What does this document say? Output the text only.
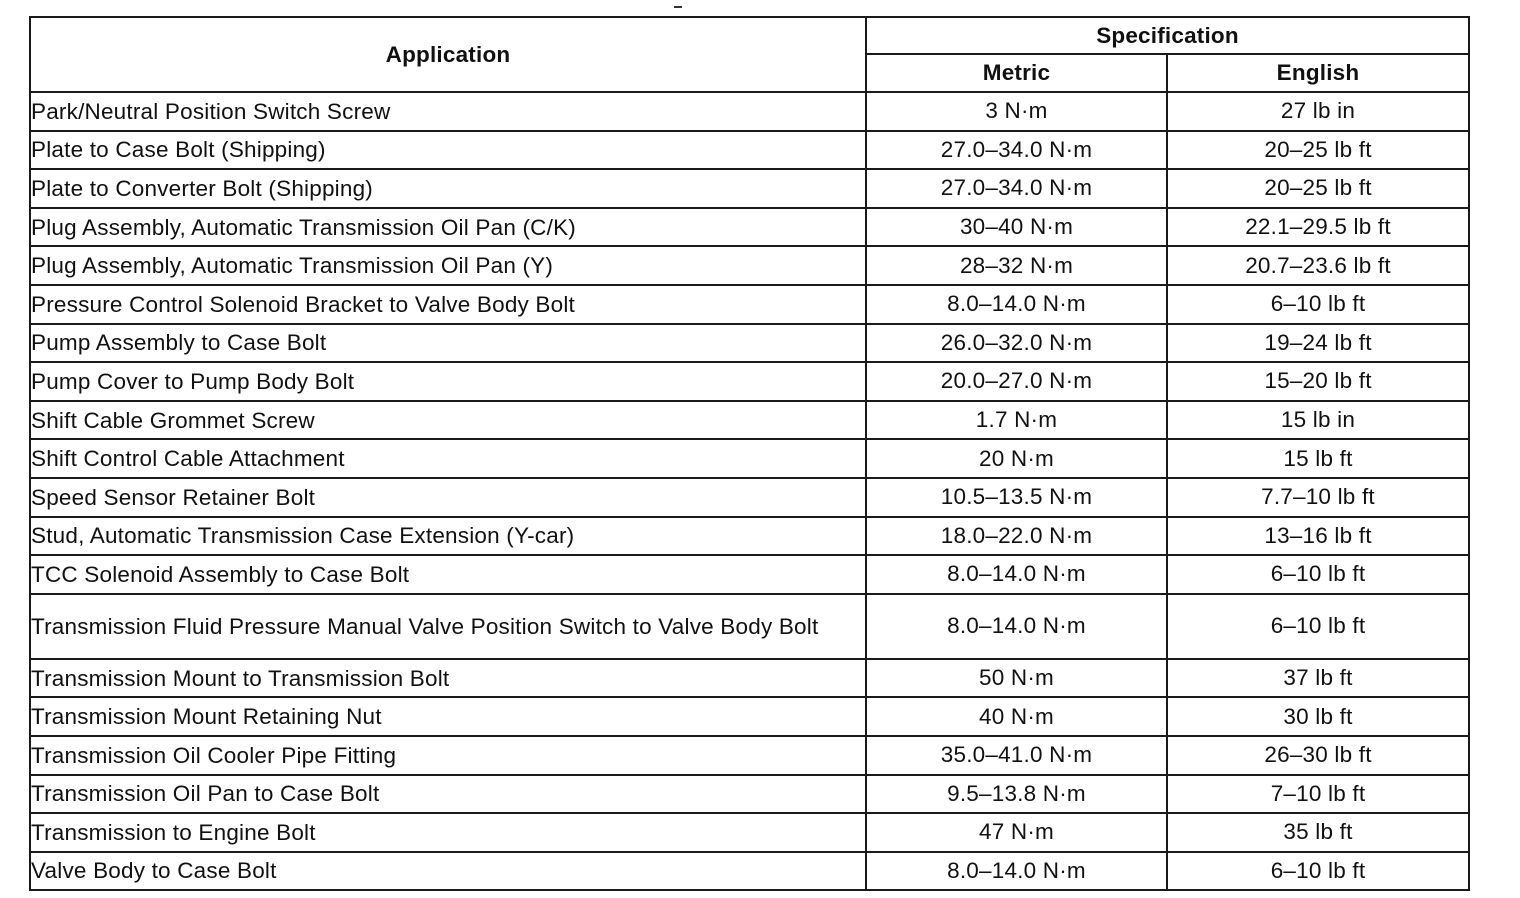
Application	Specification	
	Metric	English
Park/Neutral Position Switch Screw	3 N·m	27 lb in
Plate to Case Bolt (Shipping)	27.0–34.0 N·m	20–25 lb ft
Plate to Converter Bolt (Shipping)	27.0–34.0 N·m	20–25 lb ft
Plug Assembly, Automatic Transmission Oil Pan (C/K)	30–40 N·m	22.1–29.5 lb ft
Plug Assembly, Automatic Transmission Oil Pan (Y)	28–32 N·m	20.7–23.6 lb ft
Pressure Control Solenoid Bracket to Valve Body Bolt	8.0–14.0 N·m	6–10 lb ft
Pump Assembly to Case Bolt	26.0–32.0 N·m	19–24 lb ft
Pump Cover to Pump Body Bolt	20.0–27.0 N·m	15–20 lb ft
Shift Cable Grommet Screw	1.7 N·m	15 lb in
Shift Control Cable Attachment	20 N·m	15 lb ft
Speed Sensor Retainer Bolt	10.5–13.5 N·m	7.7–10 lb ft
Stud, Automatic Transmission Case Extension (Y-car)	18.0–22.0 N·m	13–16 lb ft
TCC Solenoid Assembly to Case Bolt	8.0–14.0 N·m	6–10 lb ft
Transmission Fluid Pressure Manual Valve Position Switch to Valve Body Bolt	8.0–14.0 N·m	6–10 lb ft
Transmission Mount to Transmission Bolt	50 N·m	37 lb ft
Transmission Mount Retaining Nut	40 N·m	30 lb ft
Transmission Oil Cooler Pipe Fitting	35.0–41.0 N·m	26–30 lb ft
Transmission Oil Pan to Case Bolt	9.5–13.8 N·m	7–10 lb ft
Transmission to Engine Bolt	47 N·m	35 lb ft
Valve Body to Case Bolt	8.0–14.0 N·m	6–10 lb ft
